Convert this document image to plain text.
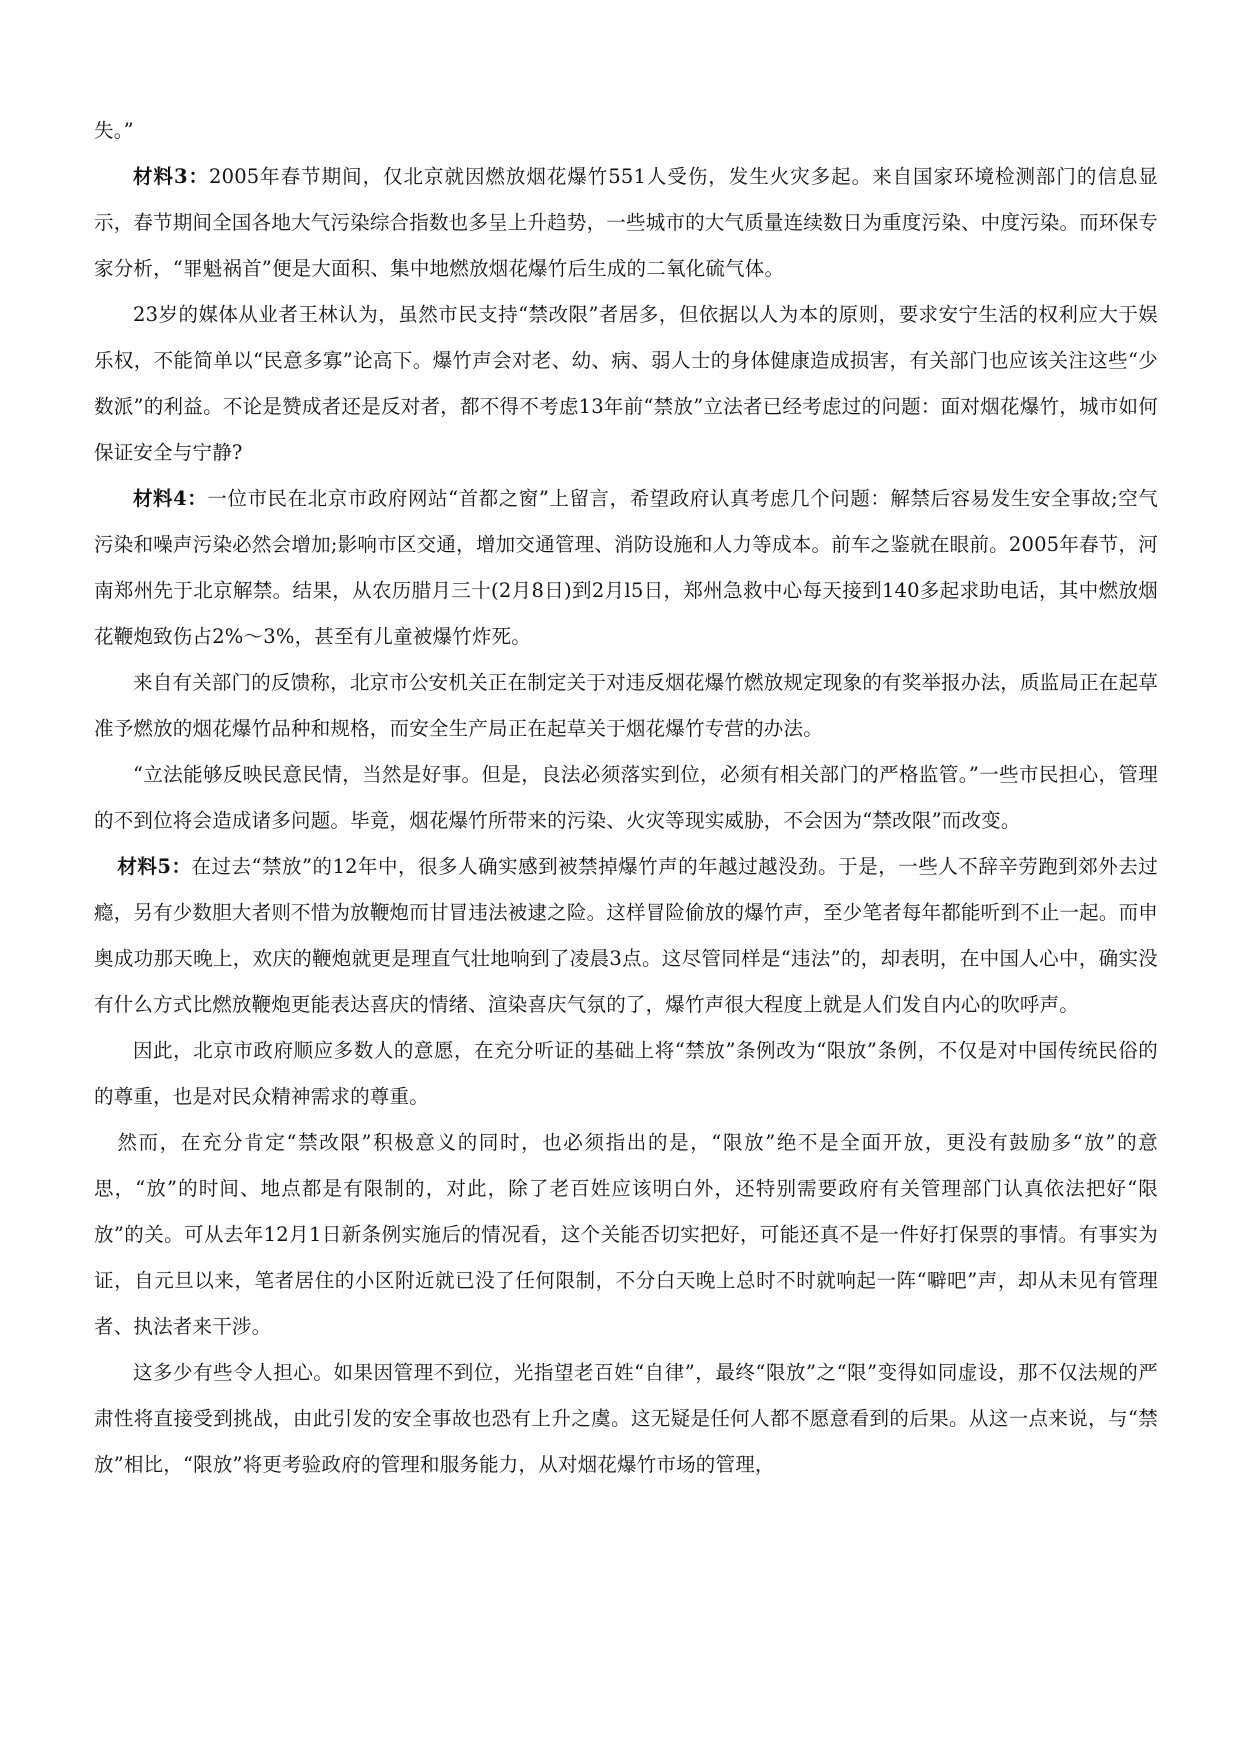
失。”

材料3：2005年春节期间，仅北京就因燃放烟花爆竹551人受伤，发生火灾多起。来自国家环境检测部门的信息显示，春节期间全国各地大气污染综合指数也多呈上升趋势，一些城市的大气质量连续数日为重度污染、中度污染。而环保专家分析，“罪魁祸首”便是大面积、集中地燃放烟花爆竹后生成的二氧化硫气体。

23岁的媒体从业者王林认为，虽然市民支持“禁改限”者居多，但依据以人为本的原则，要求安宁生活的权利应大于娱乐权，不能简单以“民意多寡”论高下。爆竹声会对老、幼、病、弱人士的身体健康造成损害，有关部门也应该关注这些“少数派”的利益。不论是赞成者还是反对者，都不得不考虑13年前“禁放”立法者已经考虑过的问题：面对烟花爆竹，城市如何保证安全与宁静?

材料4：一位市民在北京市政府网站“首都之窗”上留言，希望政府认真考虑几个问题：解禁后容易发生安全事故;空气污染和噪声污染必然会增加;影响市区交通，增加交通管理、消防设施和人力等成本。前车之鉴就在眼前。2005年春节，河南郑州先于北京解禁。结果，从农历腊月三十(2月8日)到2月l5日，郑州急救中心每天接到140多起求助电话，其中燃放烟花鞭炮致伤占2%～3%，甚至有儿童被爆竹炸死。

来自有关部门的反馈称，北京市公安机关正在制定关于对违反烟花爆竹燃放规定现象的有奖举报办法，质监局正在起草准予燃放的烟花爆竹品种和规格，而安全生产局正在起草关于烟花爆竹专营的办法。

“立法能够反映民意民情，当然是好事。但是，良法必须落实到位，必须有相关部门的严格监管。”一些市民担心，管理的不到位将会造成诸多问题。毕竟，烟花爆竹所带来的污染、火灾等现实威胁，不会因为“禁改限”而改变。

材料5：在过去“禁放”的12年中，很多人确实感到被禁掉爆竹声的年越过越没劲。于是，一些人不辞辛劳跑到郊外去过瘾，另有少数胆大者则不惜为放鞭炮而甘冒违法被逮之险。这样冒险偷放的爆竹声，至少笔者每年都能听到不止一起。而申奥成功那天晚上，欢庆的鞭炮就更是理直气壮地响到了凌晨3点。这尽管同样是“违法”的，却表明，在中国人心中，确实没有什么方式比燃放鞭炮更能表达喜庆的情绪、渲染喜庆气氛的了，爆竹声很大程度上就是人们发自内心的吹呼声。

因此，北京市政府顺应多数人的意愿，在充分听证的基础上将“禁放”条例改为“限放”条例，不仅是对中国传统民俗的的尊重，也是对民众精神需求的尊重。

然而，在充分肯定“禁改限”积极意义的同时，也必须指出的是，“限放”绝不是全面开放，更没有鼓励多“放”的意思，“放”的时间、地点都是有限制的，对此，除了老百姓应该明白外，还特别需要政府有关管理部门认真依法把好“限放”的关。可从去年12月1日新条例实施后的情况看，这个关能否切实把好，可能还真不是一件好打保票的事情。有事实为证，自元旦以来，笔者居住的小区附近就已没了任何限制，不分白天晚上总时不时就响起一阵“噼吧”声，却从未见有管理者、执法者来干涉。

这多少有些令人担心。如果因管理不到位，光指望老百姓“自律”，最终“限放”之“限”变得如同虚设，那不仅法规的严肃性将直接受到挑战，由此引发的安全事故也恐有上升之虞。这无疑是任何人都不愿意看到的后果。从这一点来说，与“禁放”相比，“限放”将更考验政府的管理和服务能力，从对烟花爆竹市场的管理，
